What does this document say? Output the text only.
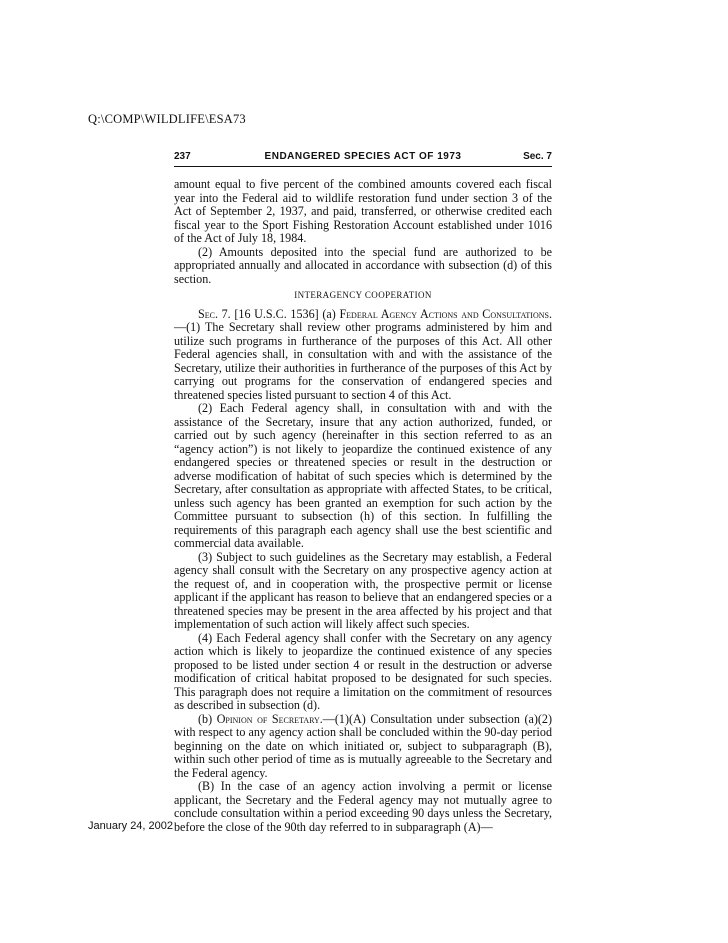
Q:\COMP\WILDLIFE\ESA73
ENDANGERED SPECIES ACT OF 1973
237	Sec. 7

amount equal to five percent of the combined amounts covered each fiscal year into the Federal aid to wildlife restoration fund under section 3 of the Act of September 2, 1937, and paid, transferred, or otherwise credited each fiscal year to the Sport Fishing Restoration Account established under 1016 of the Act of July 18, 1984.

(2) Amounts deposited into the special fund are authorized to be appropriated annually and allocated in accordance with subsection (d) of this section.

INTERAGENCY COOPERATION

Sec. 7. [16 U.S.C. 1536] (a) Federal Agency Actions and Consultations.—(1) The Secretary shall review other programs administered by him and utilize such programs in furtherance of the purposes of this Act. All other Federal agencies shall, in consultation with and with the assistance of the Secretary, utilize their authorities in furtherance of the purposes of this Act by carrying out programs for the conservation of endangered species and threatened species listed pursuant to section 4 of this Act.

(2) Each Federal agency shall, in consultation with and with the assistance of the Secretary, insure that any action authorized, funded, or carried out by such agency (hereinafter in this section referred to as an “agency action”) is not likely to jeopardize the continued existence of any endangered species or threatened species or result in the destruction or adverse modification of habitat of such species which is determined by the Secretary, after consultation as appropriate with affected States, to be critical, unless such agency has been granted an exemption for such action by the Committee pursuant to subsection (h) of this section. In fulfilling the requirements of this paragraph each agency shall use the best scientific and commercial data available.

(3) Subject to such guidelines as the Secretary may establish, a Federal agency shall consult with the Secretary on any prospective agency action at the request of, and in cooperation with, the prospective permit or license applicant if the applicant has reason to believe that an endangered species or a threatened species may be present in the area affected by his project and that implementation of such action will likely affect such species.

(4) Each Federal agency shall confer with the Secretary on any agency action which is likely to jeopardize the continued existence of any species proposed to be listed under section 4 or result in the destruction or adverse modification of critical habitat proposed to be designated for such species. This paragraph does not require a limitation on the commitment of resources as described in subsection (d).

(b) Opinion of Secretary.—(1)(A) Consultation under subsection (a)(2) with respect to any agency action shall be concluded within the 90-day period beginning on the date on which initiated or, subject to subparagraph (B), within such other period of time as is mutually agreeable to the Secretary and the Federal agency.

(B) In the case of an agency action involving a permit or license applicant, the Secretary and the Federal agency may not mutually agree to conclude consultation within a period exceeding 90 days unless the Secretary, before the close of the 90th day referred to in subparagraph (A)—

January 24, 2002
